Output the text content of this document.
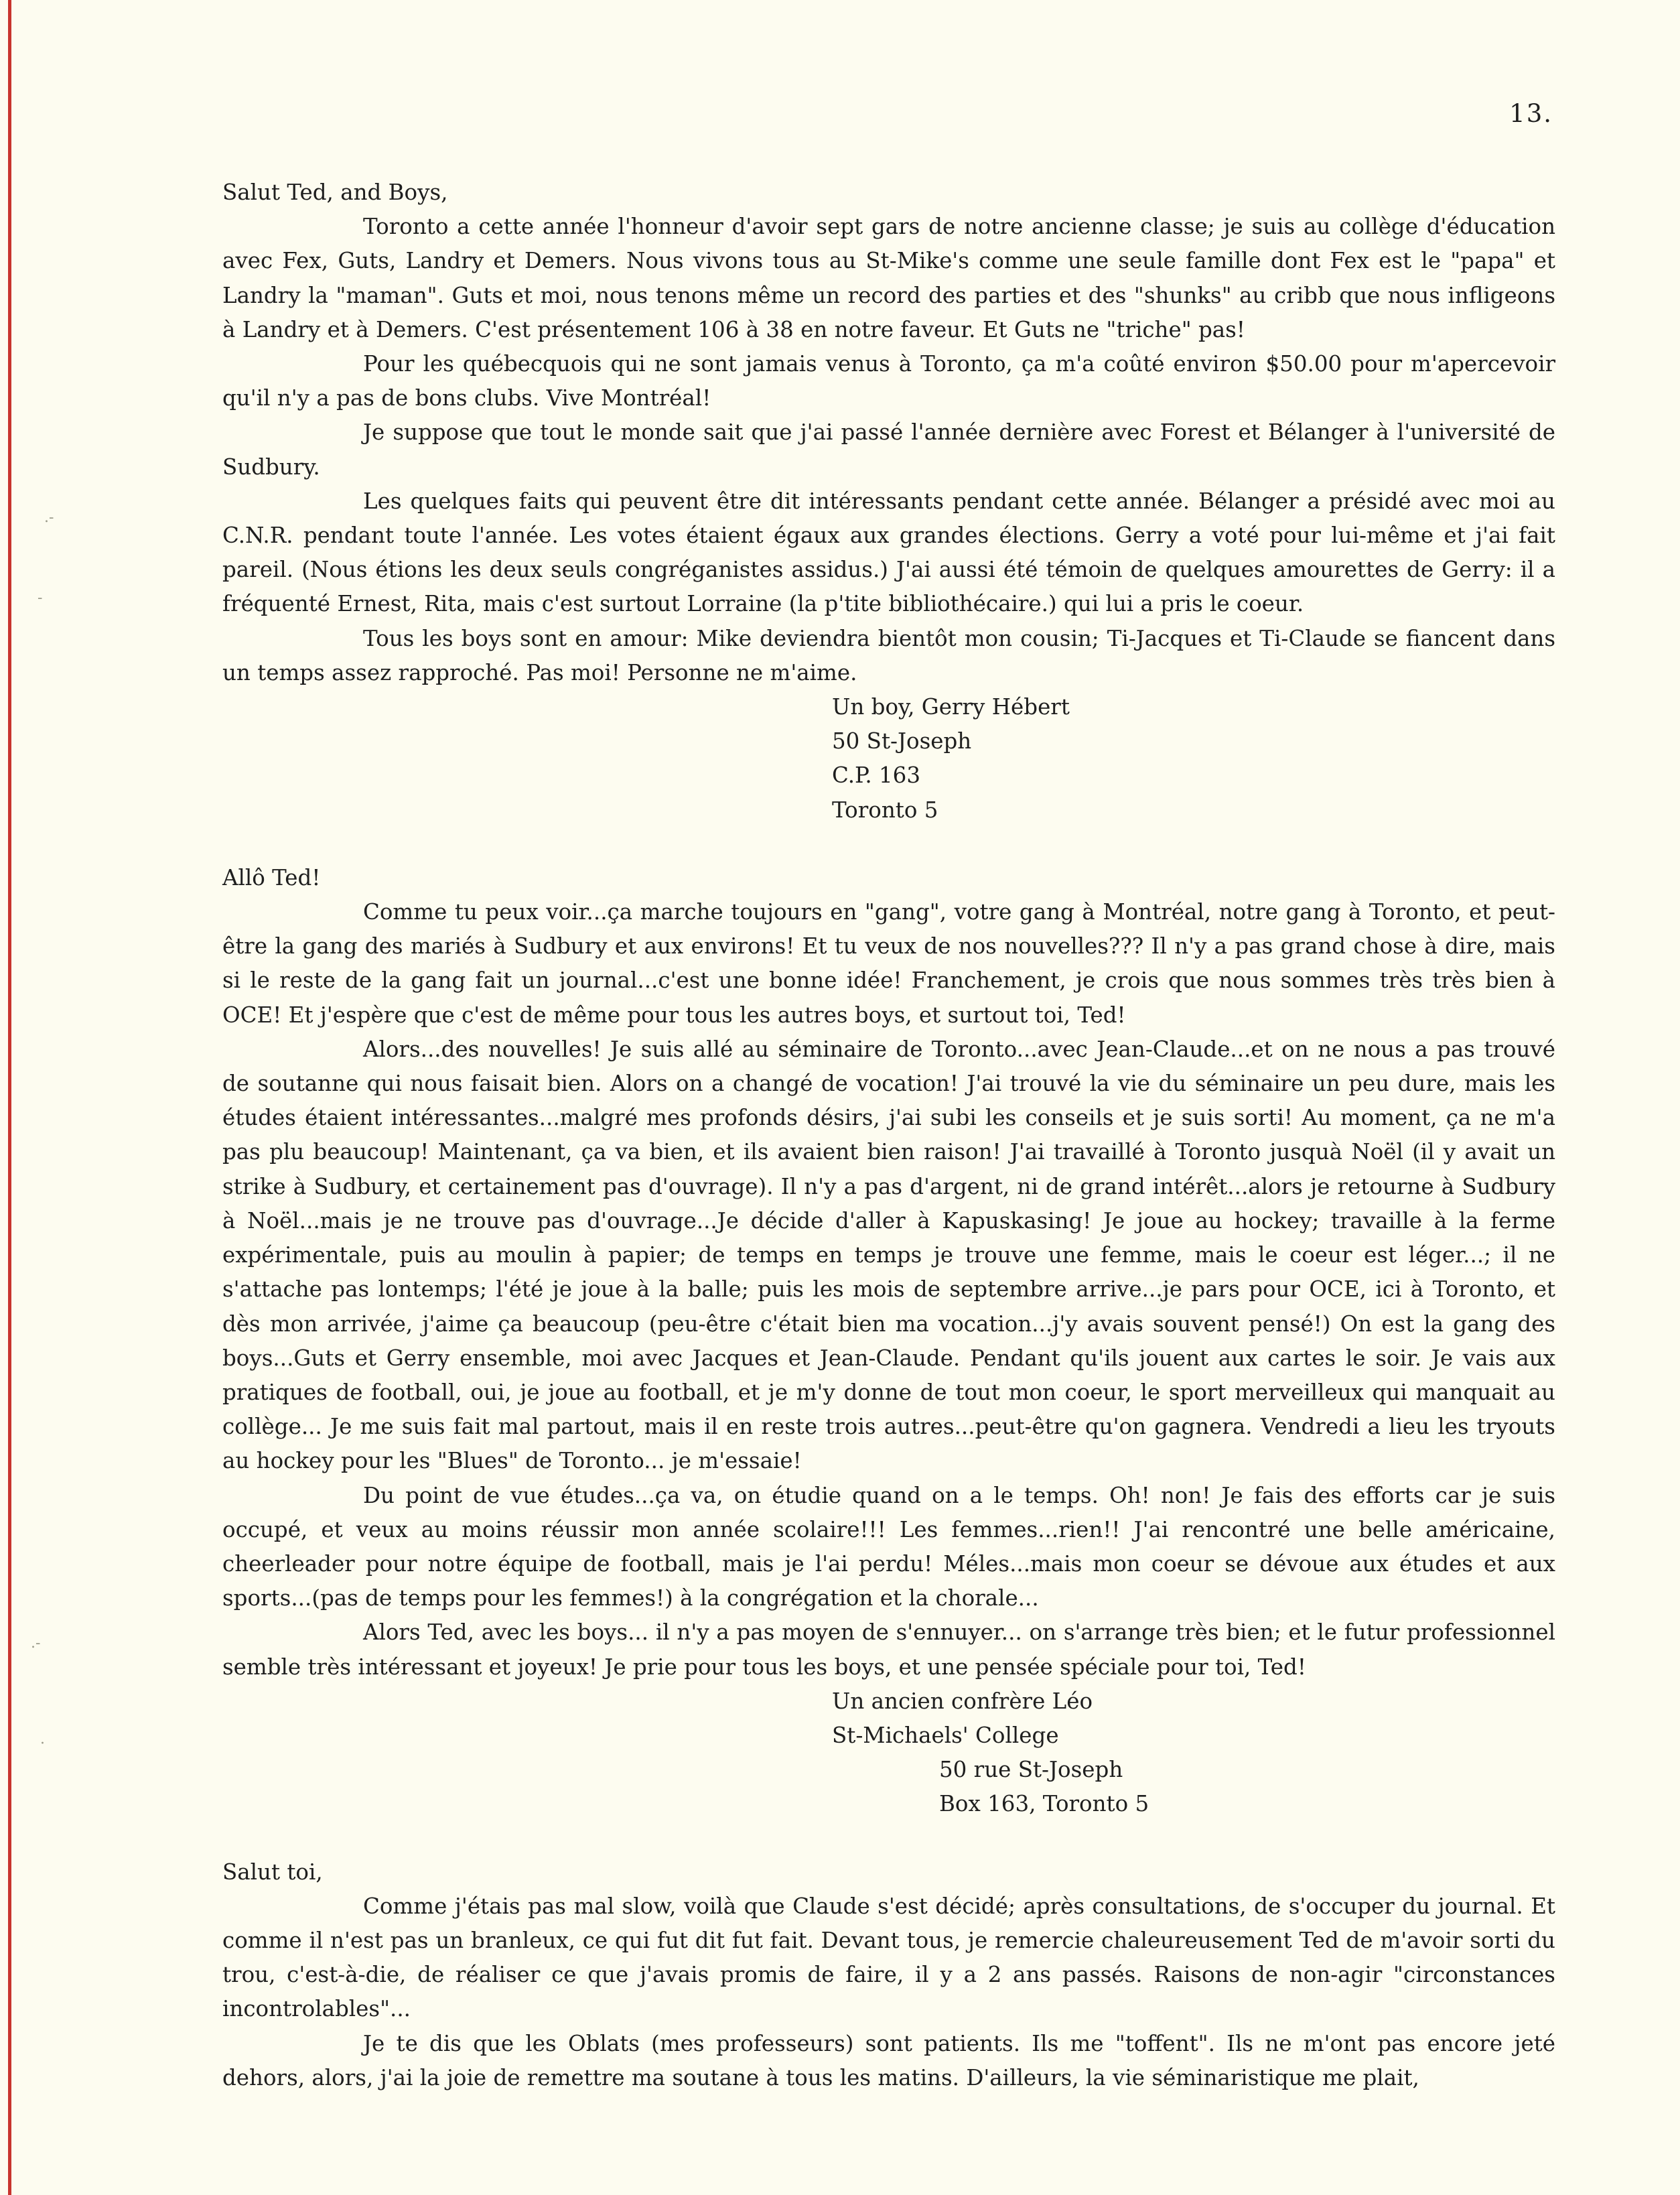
13.
.-
-
.-
·

Salut Ted, and Boys,

Toronto a cette année l'honneur d'avoir sept gars de notre ancienne classe; je suis au collège d'éducation avec Fex, Guts, Landry et Demers. Nous vivons tous au St-Mike's comme une seule famille dont Fex est le "papa" et Landry la "maman". Guts et moi, nous tenons même un record des parties et des "shunks" au cribb que nous infligeons à Landry et à Demers. C'est présentement 106 à 38 en notre faveur. Et Guts ne "triche" pas!

Pour les québecquois qui ne sont jamais venus à Toronto, ça m'a coûté environ $50.00 pour m'apercevoir qu'il n'y a pas de bons clubs. Vive Montréal!

Je suppose que tout le monde sait que j'ai passé l'année dernière avec Forest et Bélanger à l'université de Sudbury.

Les quelques faits qui peuvent être dit intéressants pendant cette année. Bélanger a présidé avec moi au C.N.R. pendant toute l'année. Les votes étaient égaux aux grandes élections. Gerry a voté pour lui-même et j'ai fait pareil. (Nous étions les deux seuls congréganistes assidus.) J'ai aussi été témoin de quelques amourettes de Gerry: il a fréquenté Ernest, Rita, mais c'est surtout Lorraine (la p'tite bibliothécaire.) qui lui a pris le coeur.

Tous les boys sont en amour: Mike deviendra bientôt mon cousin; Ti-Jacques et Ti-Claude se fiancent dans un temps assez rapproché. Pas moi! Personne ne m'aime.

Un boy, Gerry Hébert
50 St-Joseph
C.P. 163
Toronto 5

Allô Ted!

Comme tu peux voir...ça marche toujours en "gang", votre gang à Montréal, notre gang à Toronto, et peut-être la gang des mariés à Sudbury et aux environs! Et tu veux de nos nouvelles??? Il n'y a pas grand chose à dire, mais si le reste de la gang fait un journal...c'est une bonne idée! Franchement, je crois que nous sommes très très bien à OCE! Et j'espère que c'est de même pour tous les autres boys, et surtout toi, Ted!

Alors...des nouvelles! Je suis allé au séminaire de Toronto...avec Jean-Claude...et on ne nous a pas trouvé de soutanne qui nous faisait bien. Alors on a changé de vocation! J'ai trouvé la vie du séminaire un peu dure, mais les études étaient intéressantes...malgré mes profonds désirs, j'ai subi les conseils et je suis sorti! Au moment, ça ne m'a pas plu beaucoup! Maintenant, ça va bien, et ils avaient bien raison! J'ai travaillé à Toronto jusquà Noël (il y avait un strike à Sudbury, et certainement pas d'ouvrage). Il n'y a pas d'argent, ni de grand intérêt...alors je retourne à Sudbury à Noël...mais je ne trouve pas d'ouvrage...Je décide d'aller à Kapuskasing! Je joue au hockey; travaille à la ferme expérimentale, puis au moulin à papier; de temps en temps je trouve une femme, mais le coeur est léger...; il ne s'attache pas lontemps; l'été je joue à la balle; puis les mois de septembre arrive...je pars pour OCE, ici à Toronto, et dès mon arrivée, j'aime ça beaucoup (peu-être c'était bien ma vocation...j'y avais souvent pensé!) On est la gang des boys...Guts et Gerry ensemble, moi avec Jacques et Jean-Claude. Pendant qu'ils jouent aux cartes le soir. Je vais aux pratiques de football, oui, je joue au football, et je m'y donne de tout mon coeur, le sport merveilleux qui manquait au collège... Je me suis fait mal partout, mais il en reste trois autres...peut-être qu'on gagnera. Vendredi a lieu les tryouts au hockey pour les "Blues" de Toronto... je m'essaie!

Du point de vue études...ça va, on étudie quand on a le temps. Oh! non! Je fais des efforts car je suis occupé, et veux au moins réussir mon année scolaire!!! Les femmes...rien!! J'ai rencontré une belle américaine, cheerleader pour notre équipe de football, mais je l'ai perdu! Méles...mais mon coeur se dévoue aux études et aux sports...(pas de temps pour les femmes!) à la congrégation et la chorale...

Alors Ted, avec les boys... il n'y a pas moyen de s'ennuyer... on s'arrange très bien; et le futur professionnel semble très intéressant et joyeux! Je prie pour tous les boys, et une pensée spéciale pour toi, Ted!

Un ancien confrère Léo
St-Michaels' College
50 rue St-Joseph
Box 163, Toronto 5

Salut toi,

Comme j'étais pas mal slow, voilà que Claude s'est décidé; après consultations, de s'occuper du journal. Et comme il n'est pas un branleux, ce qui fut dit fut fait. Devant tous, je remercie chaleureusement Ted de m'avoir sorti du trou, c'est-à-die, de réaliser ce que j'avais promis de faire, il y a 2 ans passés. Raisons de non-agir "circonstances incontrolables"...

Je te dis que les Oblats (mes professeurs) sont patients. Ils me "toffent". Ils ne m'ont pas encore jeté dehors, alors, j'ai la joie de remettre ma soutane à tous les matins. D'ailleurs, la vie séminaristique me plait,
